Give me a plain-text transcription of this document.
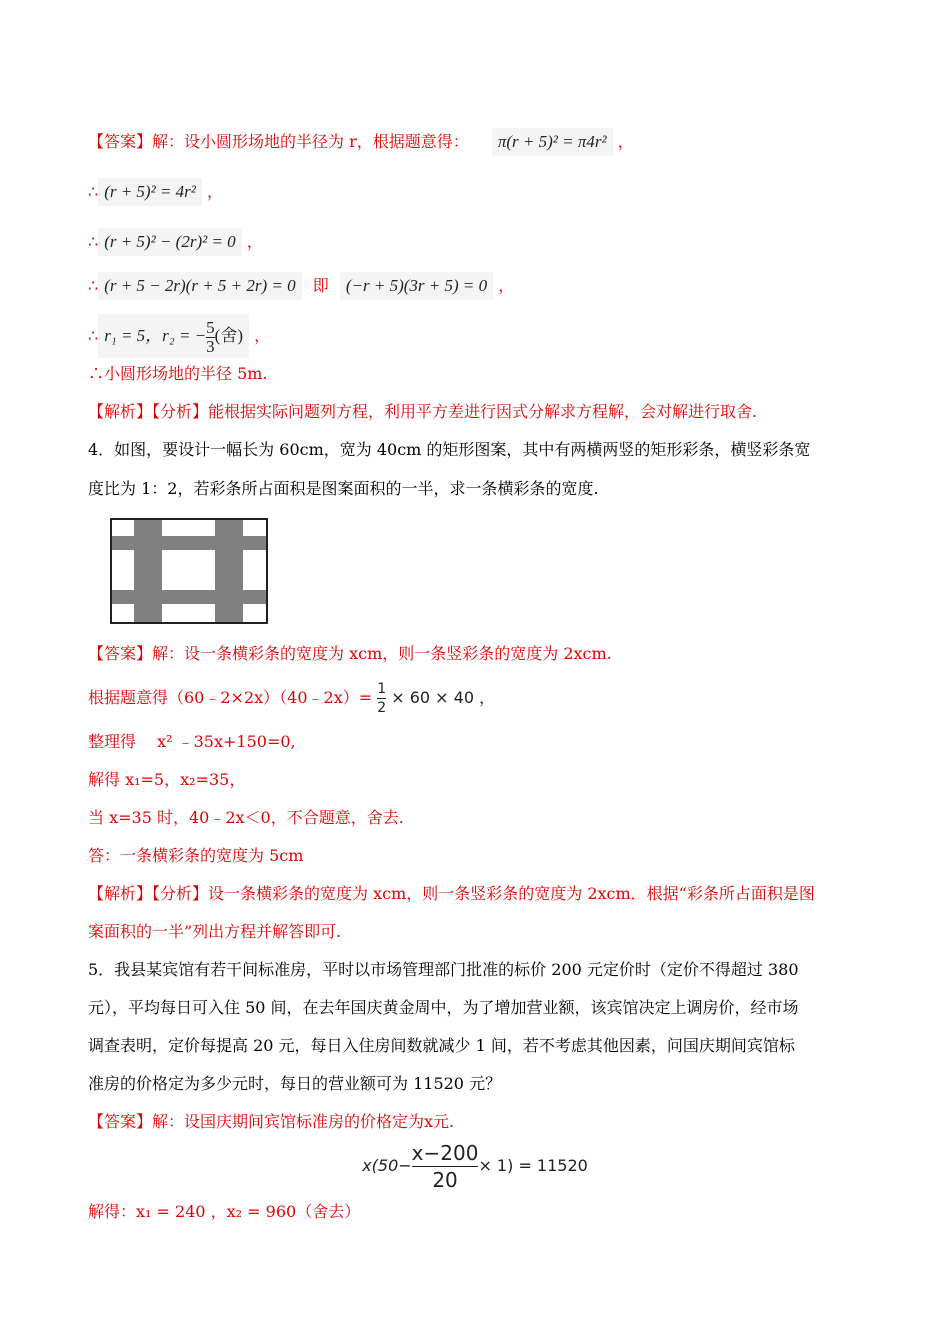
【答案】解：设小圆形场地的半径为 r，根据题意得： π(r + 5)² = π4r² ，
∴ (r + 5)² = 4r² ，
∴ (r + 5)² − (2r)² = 0 ，
∴ (r + 5 − 2r)(r + 5 + 2r) = 0 即 (−r + 5)(3r + 5) = 0 ，
∴ r₁ = 5，r₂ = − $\frac{5}{3}$ (舍) ，
∴小圆形场地的半径 5m.
【解析】【分析】能根据实际问题列方程，利用平方差进行因式分解求方程解，会对解进行取舍.
4．如图，要设计一幅长为 60cm，宽为 40cm 的矩形图案，其中有两横两竖的矩形彩条，横竖彩条宽
度比为 1：2，若彩条所占面积是图案面积的一半，求一条横彩条的宽度.
【答案】解：设一条横彩条的宽度为 xcm，则一条竖彩条的宽度为 2xcm.
根据题意得（60﹣2×2x）（40﹣2x）= $\frac{1}{2} \times 60 \times 40$ ，
整理得　 x² ﹣35x+150=0,
解得 x₁=5，x₂=35，
当 x=35 时，40﹣2x＜0，不合题意，舍去.
答：一条横彩条的宽度为 5cm
【解析】【分析】设一条横彩条的宽度为 xcm，则一条竖彩条的宽度为 2xcm．根据“彩条所占面积是图
案面积的一半”列出方程并解答即可.
5．我县某宾馆有若干间标准房，平时以市场管理部门批准的标价 200 元定价时（定价不得超过 380
元），平均每日可入住 50 间，在去年国庆黄金周中，为了增加营业额，该宾馆决定上调房价，经市场
调查表明，定价每提高 20 元，每日入住房间数就减少 1 间，若不考虑其他因素，问国庆期间宾馆标
准房的价格定为多少元时，每日的营业额可为 11520 元？
【答案】解：设国庆期间宾馆标准房的价格定为x元.
$x(50- \frac{x-200}{20} \times 1) = 11520$
解得：x₁ = 240 ，x₂ = 960（舍去）
